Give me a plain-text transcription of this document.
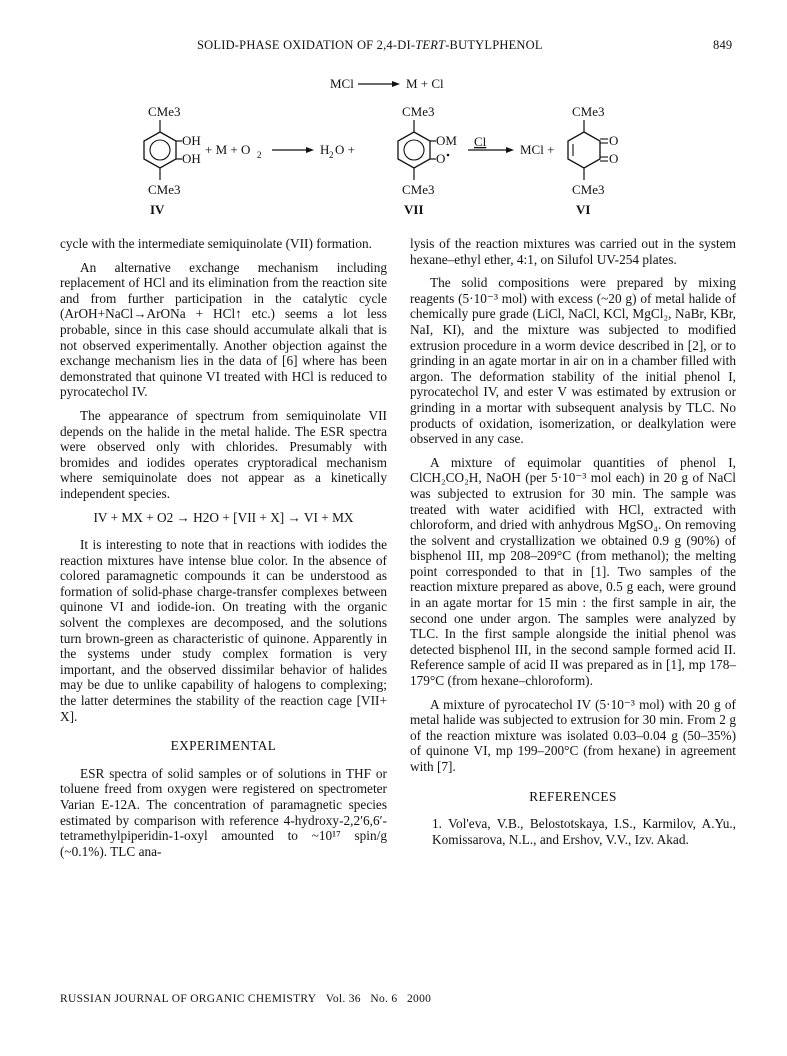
SOLID-PHASE OXIDATION OF 2,4-DI-TERT-BUTYLPHENOL	849
MCl	M + Cl
CMe3
OH
OH
CMe3
IV
+ M + O 2	H 2 O +
CMe3
OM
O
CMe3
VII
Cl
MCl +
CMe3
O
O
CMe3
VI

cycle with the intermediate semiquinolate (VII) formation.

An alternative exchange mechanism including replacement of HCl and its elimination from the reaction site and from further participation in the catalytic cycle (ArOH+NaCl→ArONa + HCl↑ etc.) seems a lot less probable, since in this case should accumulate alkali that is not observed experimentally. Another objection against the exchange mechanism lies in the data of [6] where has been demonstrated that quinone VI treated with HCl is reduced to pyrocatechol IV.

The appearance of spectrum from semiquinolate VII depends on the halide in the metal halide. The ESR spectra were observed only with chlorides. Presumably with bromides and iodides operates cryptoradical mechanism where semiquinolate does not appear as a kinetically independent species.

IV + MX + O2 → H2O + [VII + X] → VI + MX

It is interesting to note that in reactions with iodides the reaction mixtures have intense blue color. In the absence of colored paramagnetic compounds it can be understood as formation of solid-phase charge-transfer complexes between quinone VI and iodide-ion. On treating with the organic solvent the complexes are decomposed, and the solutions turn brown-green as characteristic of quinone. Apparently in the systems under study complex formation is very important, and the observed dissimilar behavior of halides may be due to unlike capability of halogens to complexing; the latter determines the stability of the reaction cage [VII+ X].

EXPERIMENTAL

ESR spectra of solid samples or of solutions in THF or toluene freed from oxygen were registered on spectrometer Varian E-12A. The concentration of paramagnetic species estimated by comparison with reference 4-hydroxy-2,2′6,6′-tetramethylpiperidin-1-oxyl amounted to ~10¹⁷ spin/g (~0.1%). TLC ana-

lysis of the reaction mixtures was carried out in the system hexane–ethyl ether, 4:1, on Silufol UV-254 plates.

The solid compositions were prepared by mixing reagents (5·10⁻³ mol) with excess (~20 g) of metal halide of chemically pure grade (LiCl, NaCl, KCl, MgCl₂, NaBr, KBr, NaI, KI), and the mixture was subjected to modified extrusion procedure in a worm device described in [2], or to grinding in an agate mortar in air on in a chamber filled with argon. The deformation stability of the initial phenol I, pyrocatechol IV, and ester V was estimated by extrusion or grinding in a mortar with subsequent analysis by TLC. No products of oxidation, isomerization, or dealkylation were observed in any case.

A mixture of equimolar quantities of phenol I, ClCH₂CO₂H, NaOH (per 5·10⁻³ mol each) in 20 g of NaCl was subjected to extrusion for 30 min. The sample was treated with water acidified with HCl, extracted with chloroform, and dried with anhydrous MgSO₄. On removing the solvent and crystallization we obtained 0.9 g (90%) of bisphenol III, mp 208–209°C (from methanol); the melting point corresponded to that in [1]. Two samples of the reaction mixture prepared as above, 0.5 g each, were ground in an agate mortar for 15 min : the first sample in air, the second one under argon. The samples were analyzed by TLC. In the first sample alongside the initial phenol was detected bisphenol III, in the second sample formed acid II. Reference sample of acid II was prepared as in [1], mp 178–179°C (from hexane–chloroform).

A mixture of pyrocatechol IV (5·10⁻³ mol) with 20 g of metal halide was subjected to extrusion for 30 min. From 2 g of the reaction mixture was isolated 0.03–0.04 g (50–35%) of quinone VI, mp 199–200°C (from hexane) in agreement with [7].

REFERENCES

1. Vol'eva, V.B., Belostotskaya, I.S., Karmilov, A.Yu., Komissarova, N.L., and Ershov, V.V., Izv. Akad.

RUSSIAN JOURNAL OF ORGANIC CHEMISTRY Vol. 36 No. 6 2000
